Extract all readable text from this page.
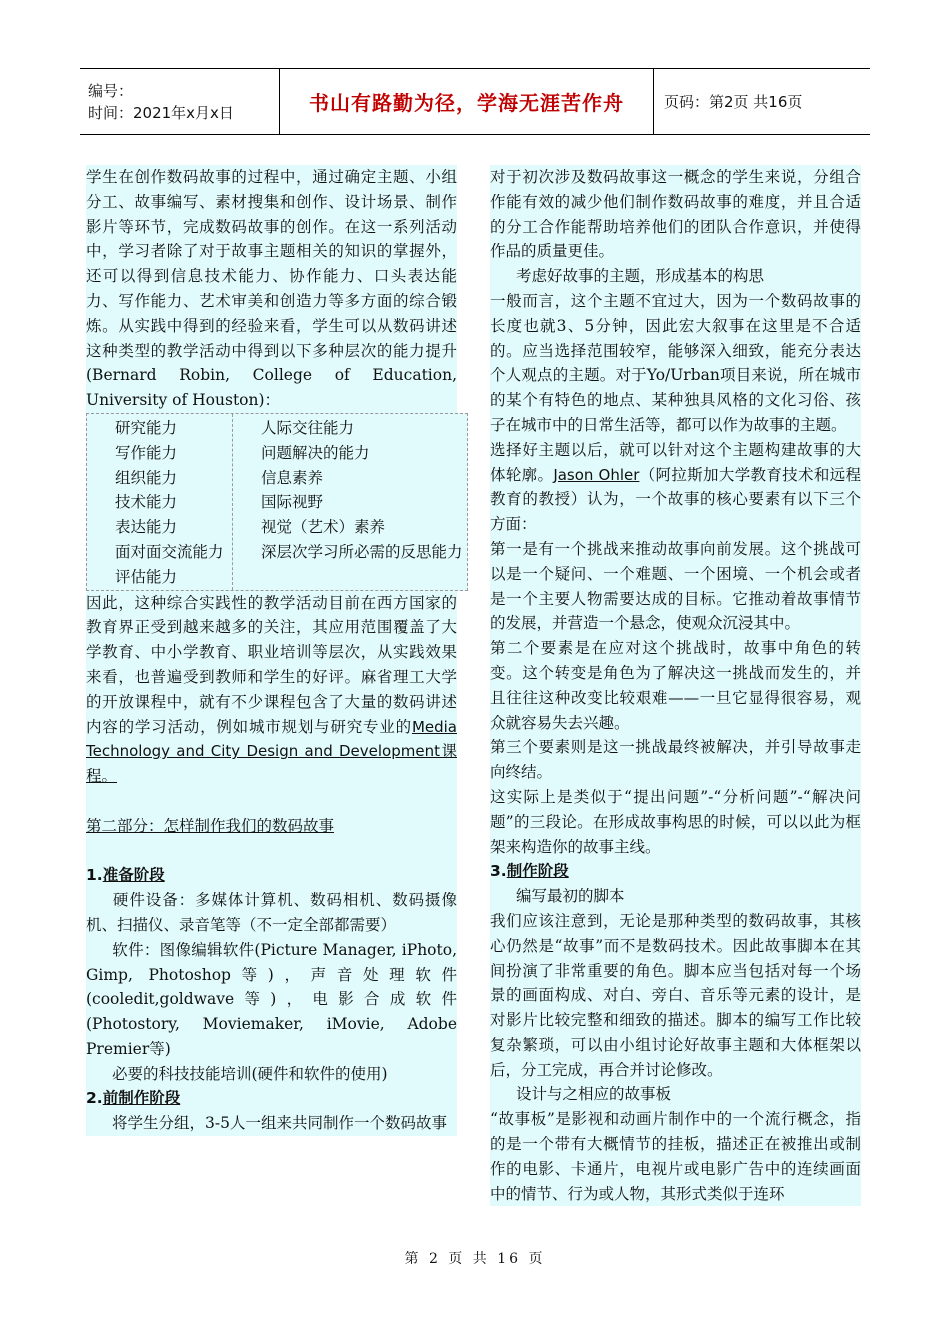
编号：
时间：2021年x月x日	书山有路勤为径，学海无涯苦作舟	页码：第2页 共16页

学生在创作数码故事的过程中，通过确定主题、小组分工、故事编写、素材搜集和创作、设计场景、制作影片等环节，完成数码故事的创作。在这一系列活动中，学习者除了对于故事主题相关的知识的掌握外，还可以得到信息技术能力、协作能力、口头表达能力、写作能力、艺术审美和创造力等多方面的综合锻炼。从实践中得到的经验来看，学生可以从数码讲述这种类型的教学活动中得到以下多种层次的能力提升(Bernard Robin, College of Education, University of Houston)：

研究能力
写作能力
组织能力
技术能力
表达能力
面对面交流能力
评估能力
人际交往能力
问题解决的能力
信息素养
国际视野
视觉（艺术）素养
深层次学习所必需的反思能力

因此，这种综合实践性的教学活动目前在西方国家的教育界正受到越来越多的关注，其应用范围覆盖了大学教育、中小学教育、职业培训等层次，从实践效果来看，也普遍受到教师和学生的好评。麻省理工大学的开放课程中，就有不少课程包含了大量的数码讲述内容的学习活动，例如城市规划与研究专业的Media Technology and City Design and Development课程。

第二部分：怎样制作我们的数码故事

1.准备阶段

硬件设备：多媒体计算机、数码相机、数码摄像机、扫描仪、录音笔等（不一定全部都需要）

软件：图像编辑软件(Picture Manager, iPhoto, Gimp, Photoshop等)，声音处理软件(cooledit,goldwave等)，电影合成软件(Photostory, Moviemaker, iMovie, Adobe Premier等)

必要的科技技能培训(硬件和软件的使用)

2.前制作阶段

将学生分组，3-5人一组来共同制作一个数码故事

对于初次涉及数码故事这一概念的学生来说，分组合作能有效的减少他们制作数码故事的难度，并且合适的分工合作能帮助培养他们的团队合作意识，并使得作品的质量更佳。

考虑好故事的主题，形成基本的构思

一般而言，这个主题不宜过大，因为一个数码故事的长度也就3、5分钟，因此宏大叙事在这里是不合适的。应当选择范围较窄，能够深入细致，能充分表达个人观点的主题。对于Yo/Urban项目来说，所在城市的某个有特色的地点、某种独具风格的文化习俗、孩子在城市中的日常生活等，都可以作为故事的主题。

选择好主题以后，就可以针对这个主题构建故事的大体轮廓。Jason Ohler（阿拉斯加大学教育技术和远程教育的教授）认为，一个故事的核心要素有以下三个方面：

第一是有一个挑战来推动故事向前发展。这个挑战可以是一个疑问、一个难题、一个困境、一个机会或者是一个主要人物需要达成的目标。它推动着故事情节的发展，并营造一个悬念，使观众沉浸其中。

第二个要素是在应对这个挑战时，故事中角色的转变。这个转变是角色为了解决这一挑战而发生的，并且往往这种改变比较艰难——一旦它显得很容易，观众就容易失去兴趣。

第三个要素则是这一挑战最终被解决，并引导故事走向终结。

这实际上是类似于“提出问题”-“分析问题”-“解决问题”的三段论。在形成故事构思的时候，可以以此为框架来构造你的故事主线。

3.制作阶段

编写最初的脚本

我们应该注意到，无论是那种类型的数码故事，其核心仍然是“故事”而不是数码技术。因此故事脚本在其间扮演了非常重要的角色。脚本应当包括对每一个场景的画面构成、对白、旁白、音乐等元素的设计，是对影片比较完整和细致的描述。脚本的编写工作比较复杂繁琐，可以由小组讨论好故事主题和大体框架以后，分工完成，再合并讨论修改。

设计与之相应的故事板

“故事板”是影视和动画片制作中的一个流行概念，指的是一个带有大概情节的挂板，描述正在被推出或制作的电影、卡通片，电视片或电影广告中的连续画面中的情节、行为或人物，其形式类似于连环

第 2 页 共 16 页
